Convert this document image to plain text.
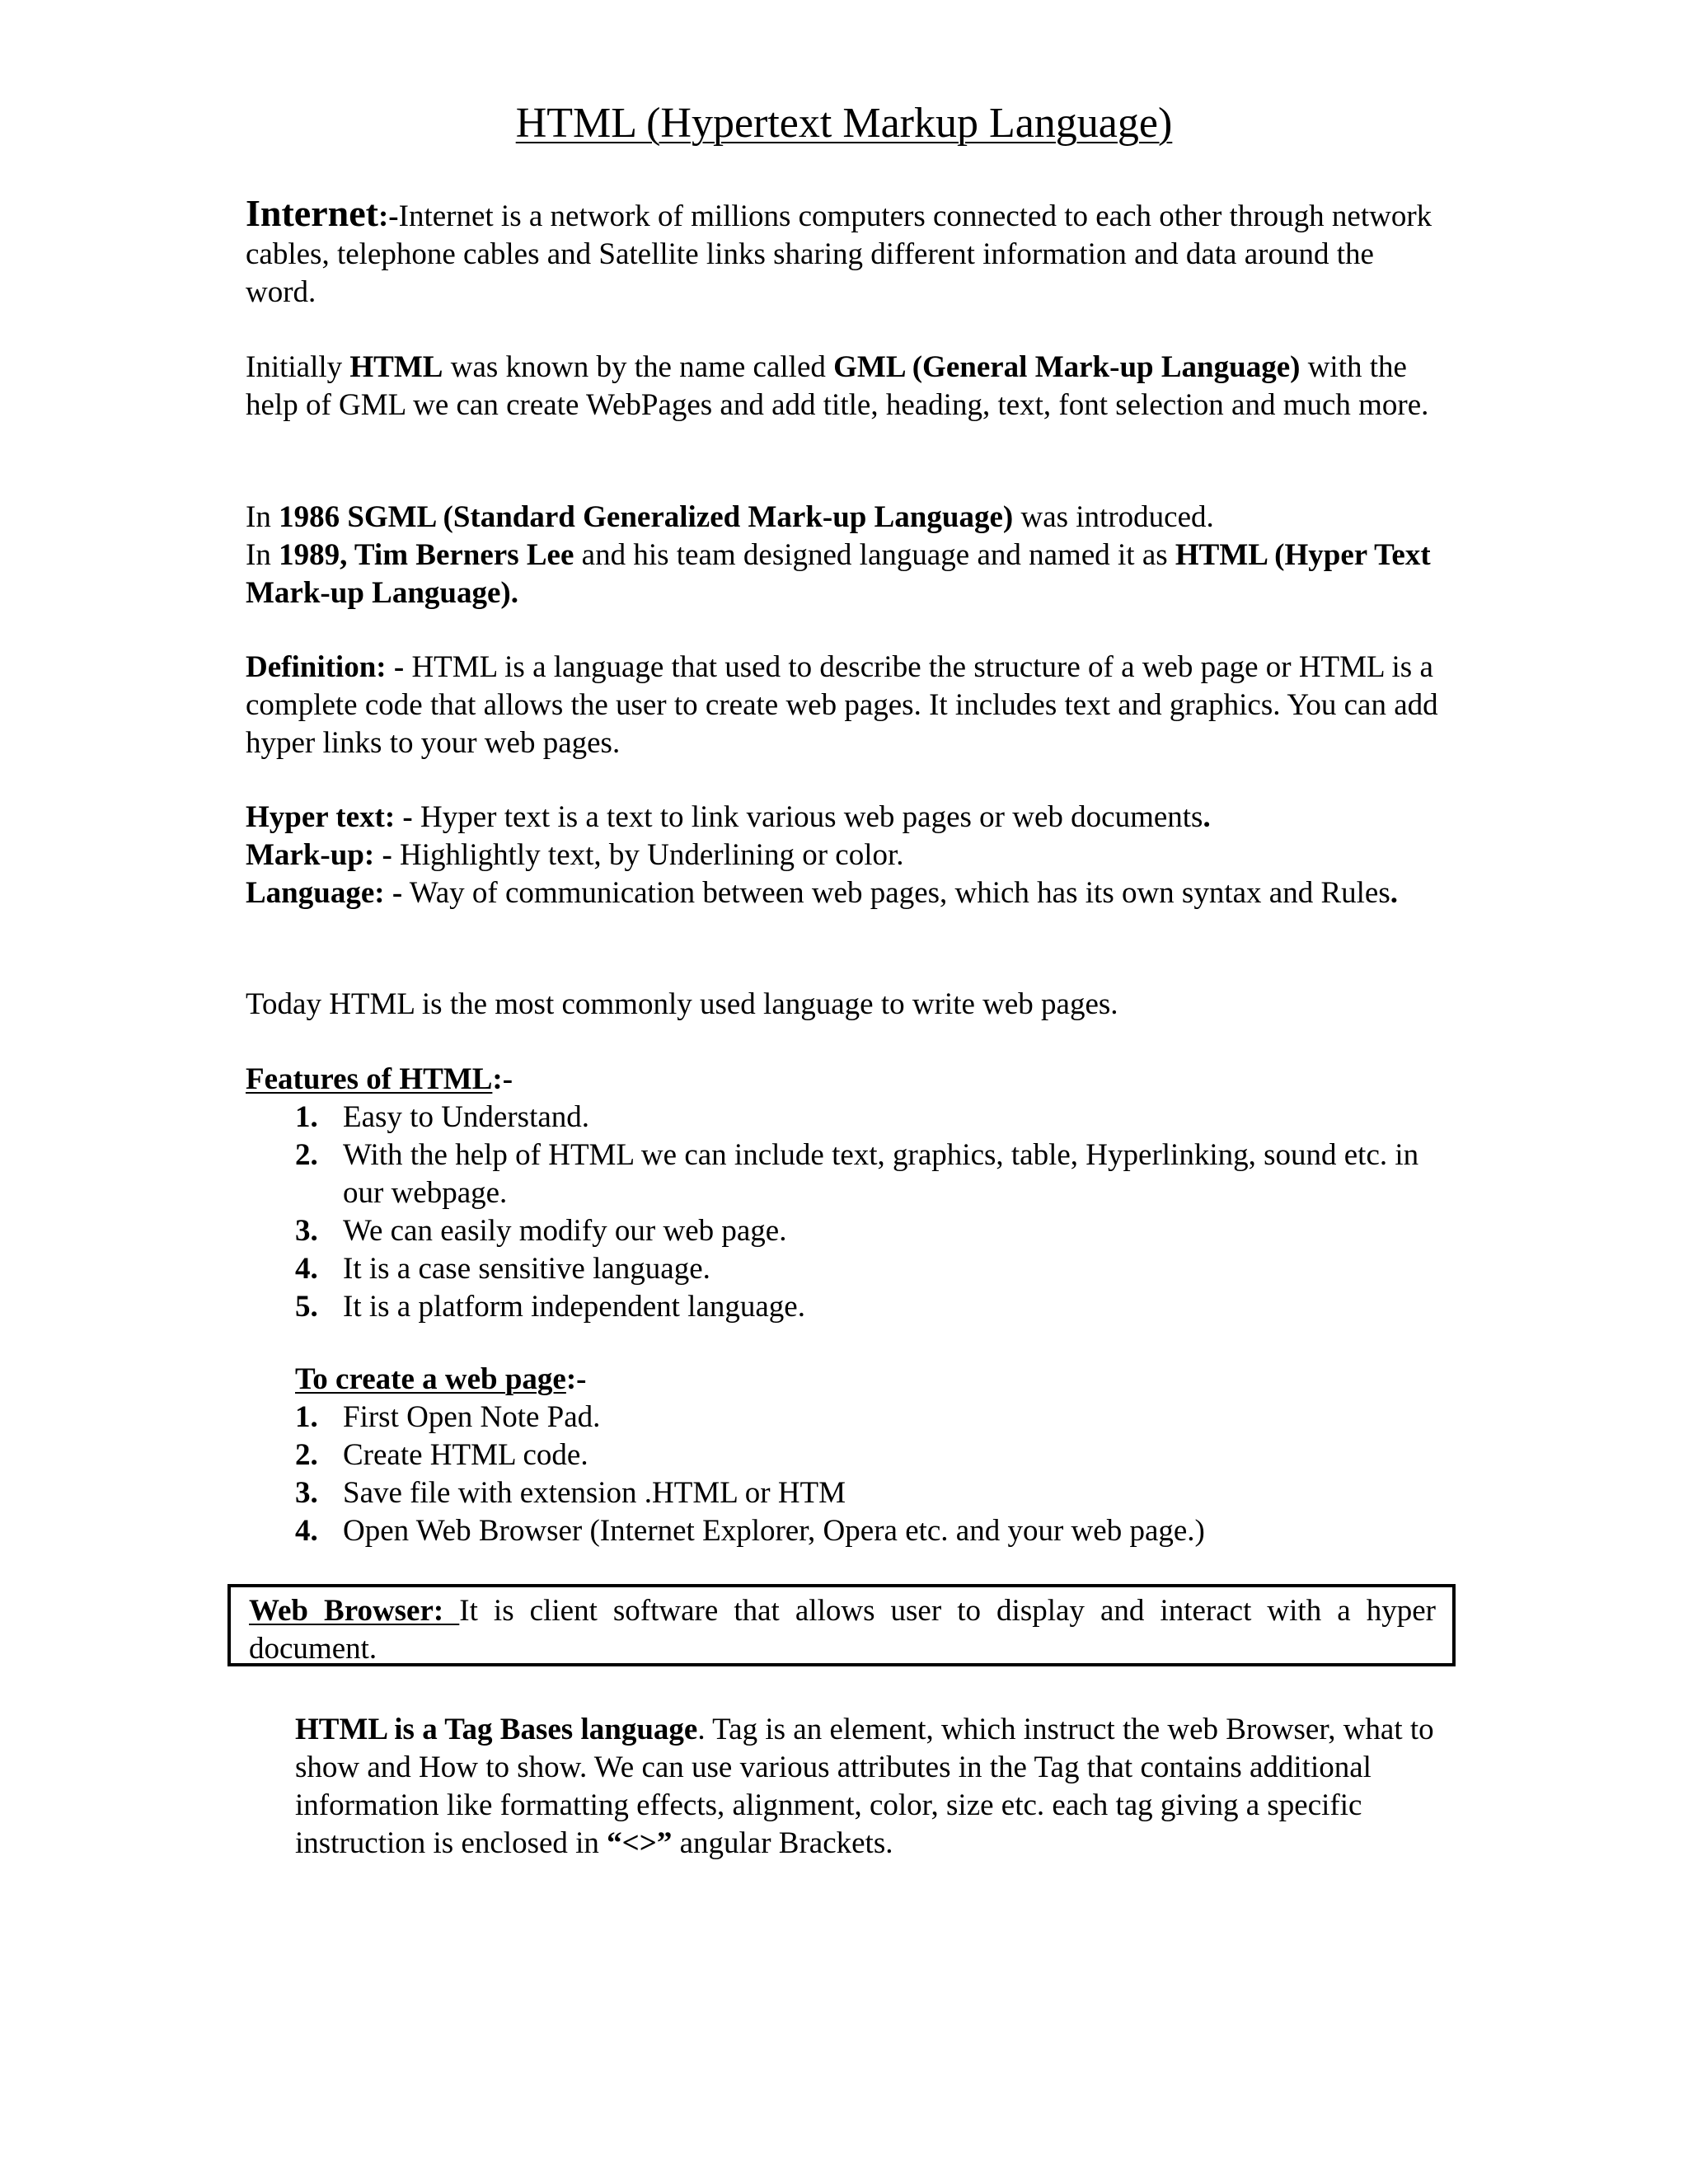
HTML (Hypertext Markup Language)

Internet:-Internet is a network of millions computers connected to each other through network cables, telephone cables and Satellite links sharing different information and data around the word.

Initially HTML was known by the name called GML (General Mark-up Language) with the help of GML we can create WebPages and add title, heading, text, font selection and much more.

In 1986 SGML (Standard Generalized Mark-up Language) was introduced.

In 1989, Tim Berners Lee and his team designed language and named it as HTML (Hyper Text Mark-up Language).

Definition: - HTML is a language that used to describe the structure of a web page or HTML is a complete code that allows the user to create web pages. It includes text and graphics. You can add hyper links to your web pages.

Hyper text: - Hyper text is a text to link various web pages or web documents.

Mark-up: - Highlightly text, by Underlining or color.

Language: - Way of communication between web pages, which has its own syntax and Rules.

Today HTML is the most commonly used language to write web pages.

Features of HTML:-

1. Easy to Understand.
2. With the help of HTML we can include text, graphics, table, Hyperlinking, sound etc. in our webpage.
3. We can easily modify our web page.
4. It is a case sensitive language.
5. It is a platform independent language.

To create a web page:-

1. First Open Note Pad.
2. Create HTML code.
3. Save file with extension .HTML or HTM
4. Open Web Browser (Internet Explorer, Opera etc. and your web page.)
Web Browser: It is client software that allows user to display and interact with a hyper
document.

HTML is a Tag Bases language. Tag is an element, which instruct the web Browser, what to show and How to show. We can use various attributes in the Tag that contains additional information like formatting effects, alignment, color, size etc. each tag giving a specific instruction is enclosed in “<>” angular Brackets.
